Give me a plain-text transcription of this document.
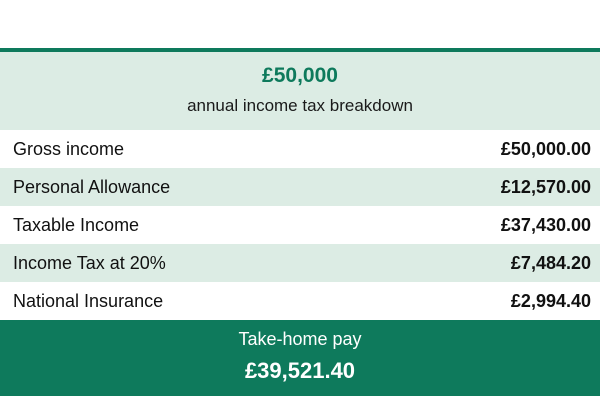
£50,000
annual income tax breakdown
Gross income	£50,000.00
Personal Allowance	£12,570.00
Taxable Income	£37,430.00
Income Tax at 20%	£7,484.20
National Insurance	£2,994.40
Take-home pay
£39,521.40
